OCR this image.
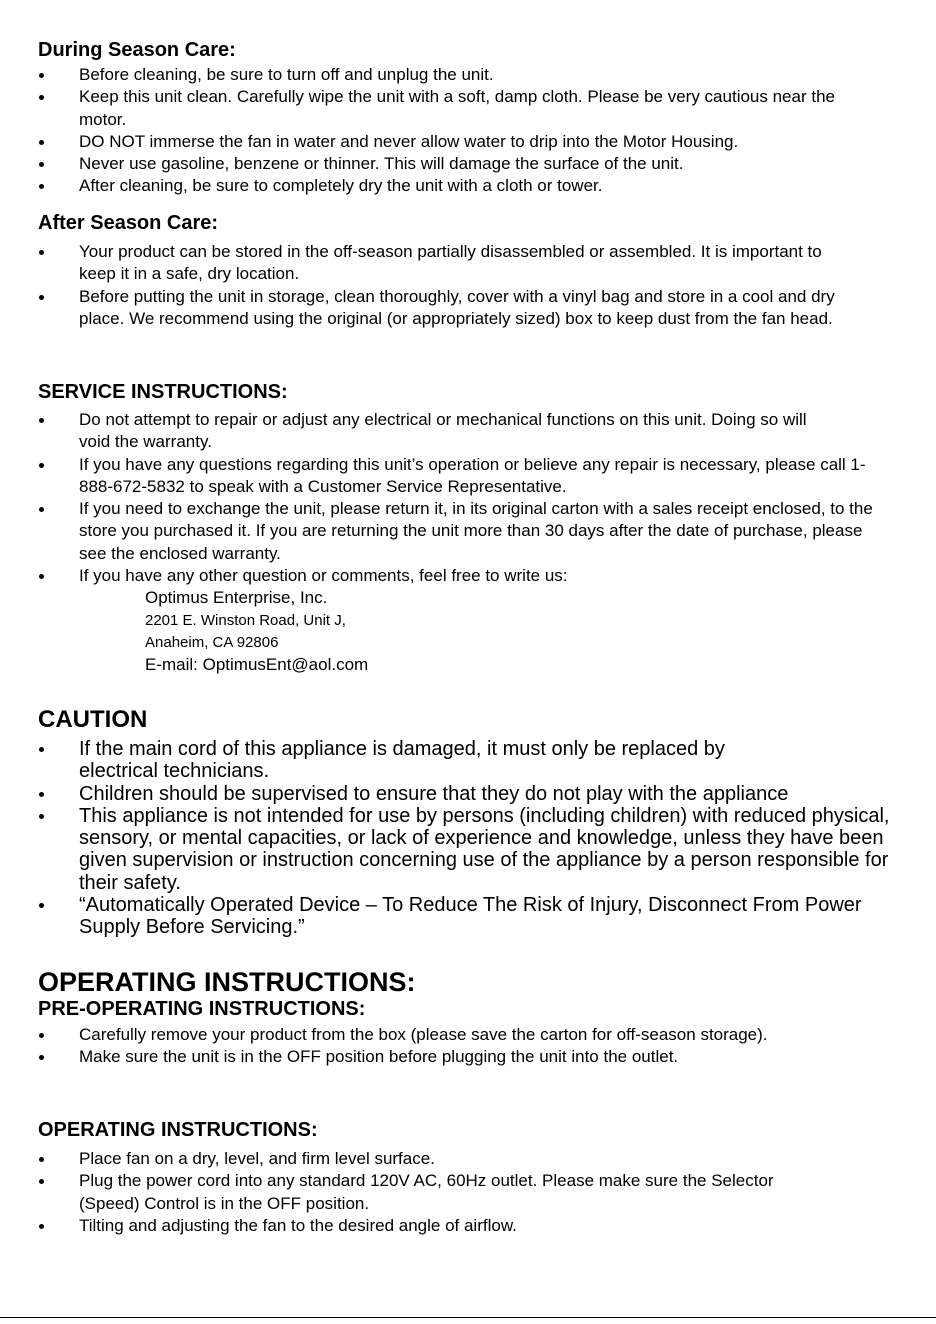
During Season Care:
Before cleaning, be sure to turn off and unplug the unit.
Keep this unit clean. Carefully wipe the unit with a soft, damp cloth. Please be very cautious near the motor.
DO NOT immerse the fan in water and never allow water to drip into the Motor Housing.
Never use gasoline, benzene or thinner. This will damage the surface of the unit.
After cleaning, be sure to completely dry the unit with a cloth or tower.
After Season Care:
Your product can be stored in the off-season partially disassembled or assembled. It is important to keep it in a safe, dry location.
Before putting the unit in storage, clean thoroughly, cover with a vinyl bag and store in a cool and dry place. We recommend using the original (or appropriately sized) box to keep dust from the fan head.
SERVICE INSTRUCTIONS:
Do not attempt to repair or adjust any electrical or mechanical functions on this unit. Doing so will void the warranty.
If you have any questions regarding this unit’s operation or believe any repair is necessary, please call 1-888-672-5832 to speak with a Customer Service Representative.
If you need to exchange the unit, please return it, in its original carton with a sales receipt enclosed, to the store you purchased it. If you are returning the unit more than 30 days after the date of purchase, please see the enclosed warranty.
If you have any other question or comments, feel free to write us:
Optimus Enterprise, Inc.
2201 E. Winston Road, Unit J,
Anaheim, CA 92806
E-mail: OptimusEnt@aol.com
CAUTION
If the main cord of this appliance is damaged, it must only be replaced by electrical technicians.
Children should be supervised to ensure that they do not play with the appliance
This appliance is not intended for use by persons (including children) with reduced physical, sensory, or mental capacities, or lack of experience and knowledge, unless they have been given supervision or instruction concerning use of the appliance by a person responsible for their safety.
“Automatically Operated Device – To Reduce The Risk of Injury, Disconnect From Power Supply Before Servicing.”
OPERATING INSTRUCTIONS:
PRE-OPERATING INSTRUCTIONS:
Carefully remove your product from the box (please save the carton for off-season storage).
Make sure the unit is in the OFF position before plugging the unit into the outlet.
OPERATING INSTRUCTIONS:
Place fan on a dry, level, and firm level surface.
Plug the power cord into any standard 120V AC, 60Hz outlet. Please make sure the Selector (Speed) Control is in the OFF position.
Tilting and adjusting the fan to the desired angle of airflow.
